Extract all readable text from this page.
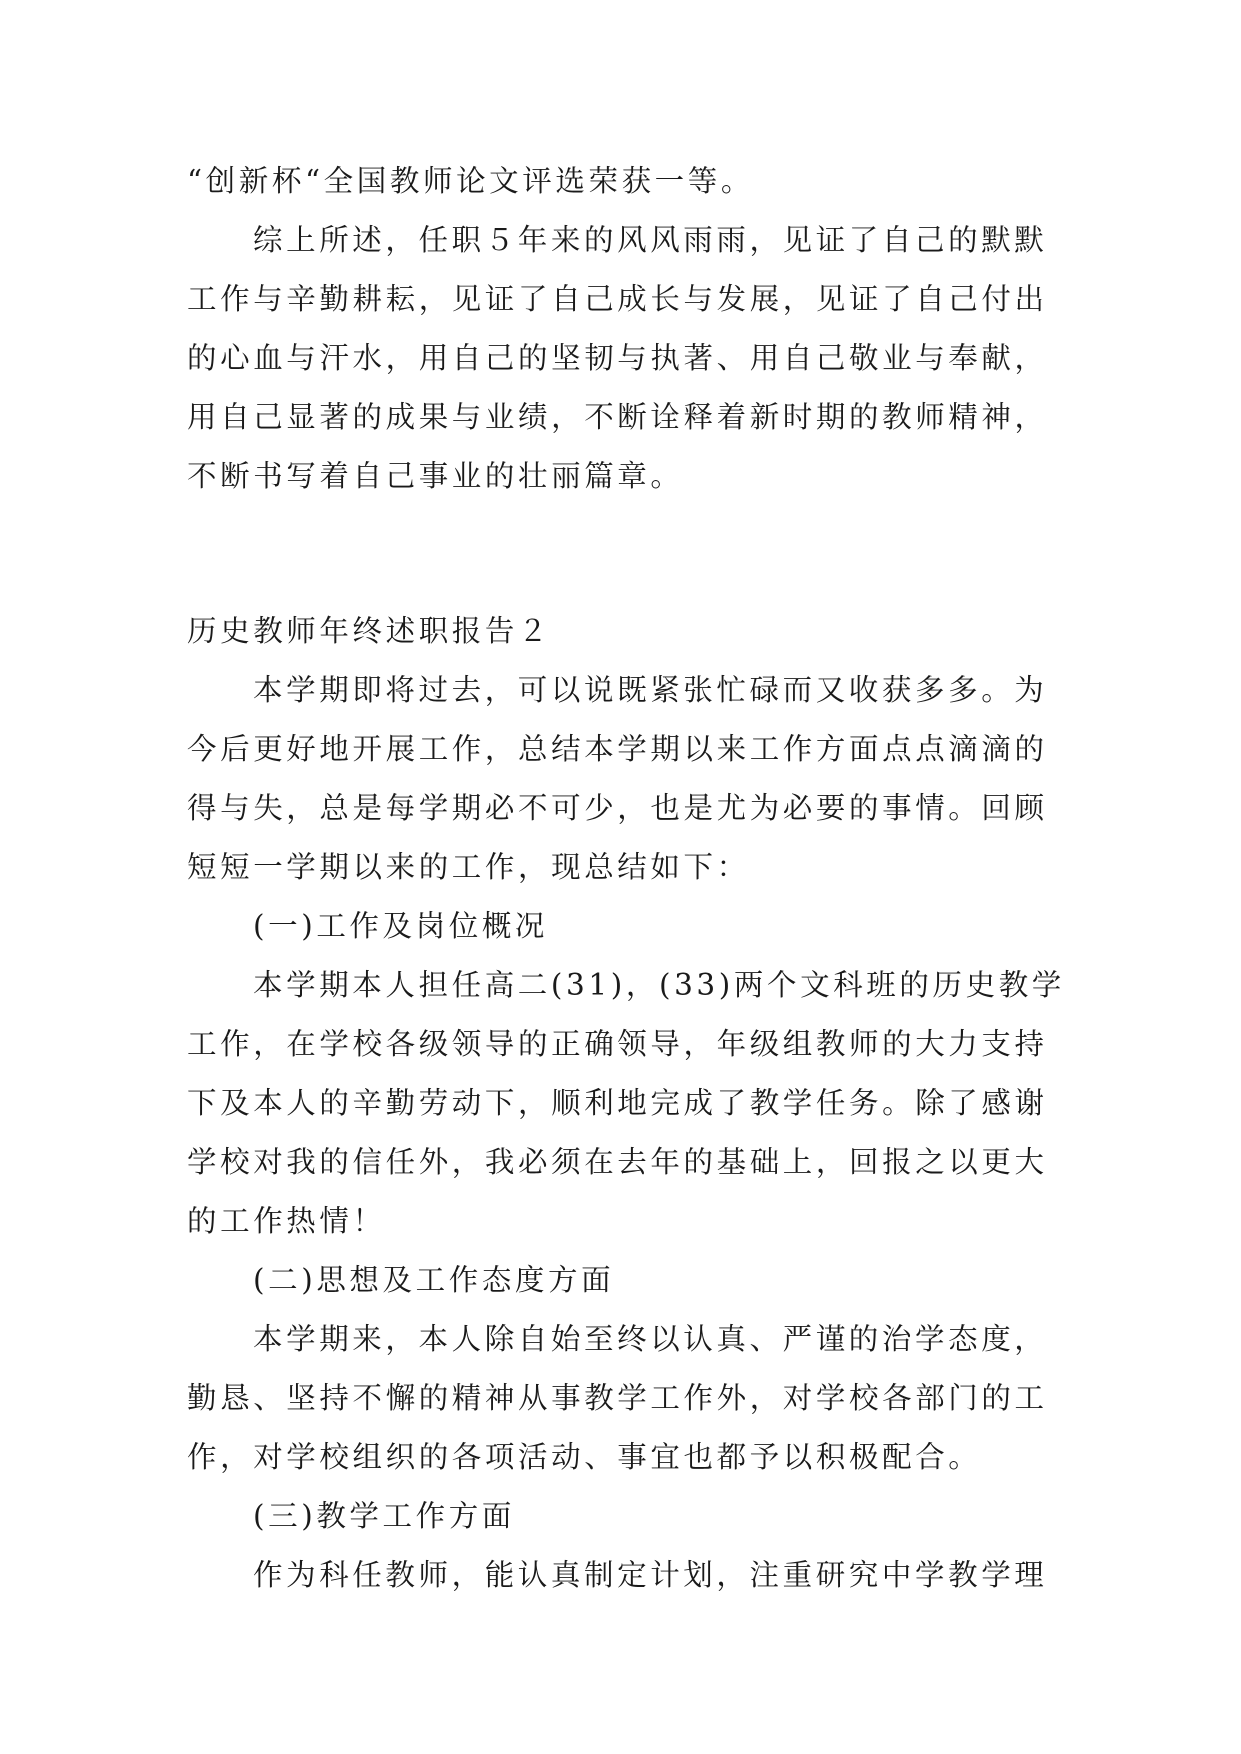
“创新杯“全国教师论文评选荣获一等。
综上所述，任职５年来的风风雨雨，见证了自己的默默
工作与辛勤耕耘，见证了自己成长与发展，见证了自己付出
的心血与汗水，用自己的坚韧与执著、用自己敬业与奉献，
用自己显著的成果与业绩，不断诠释着新时期的教师精神，
不断书写着自己事业的壮丽篇章。
历史教师年终述职报告２
本学期即将过去，可以说既紧张忙碌而又收获多多。为
今后更好地开展工作，总结本学期以来工作方面点点滴滴的
得与失，总是每学期必不可少，也是尤为必要的事情。回顾
短短一学期以来的工作，现总结如下：
(一)工作及岗位概况
本学期本人担任高二(31)，(33)两个文科班的历史教学
工作，在学校各级领导的正确领导，年级组教师的大力支持
下及本人的辛勤劳动下，顺利地完成了教学任务。除了感谢
学校对我的信任外，我必须在去年的基础上，回报之以更大
的工作热情！
(二)思想及工作态度方面
本学期来，本人除自始至终以认真、严谨的治学态度，
勤恳、坚持不懈的精神从事教学工作外，对学校各部门的工
作，对学校组织的各项活动、事宜也都予以积极配合。
(三)教学工作方面
作为科任教师，能认真制定计划，注重研究中学教学理
